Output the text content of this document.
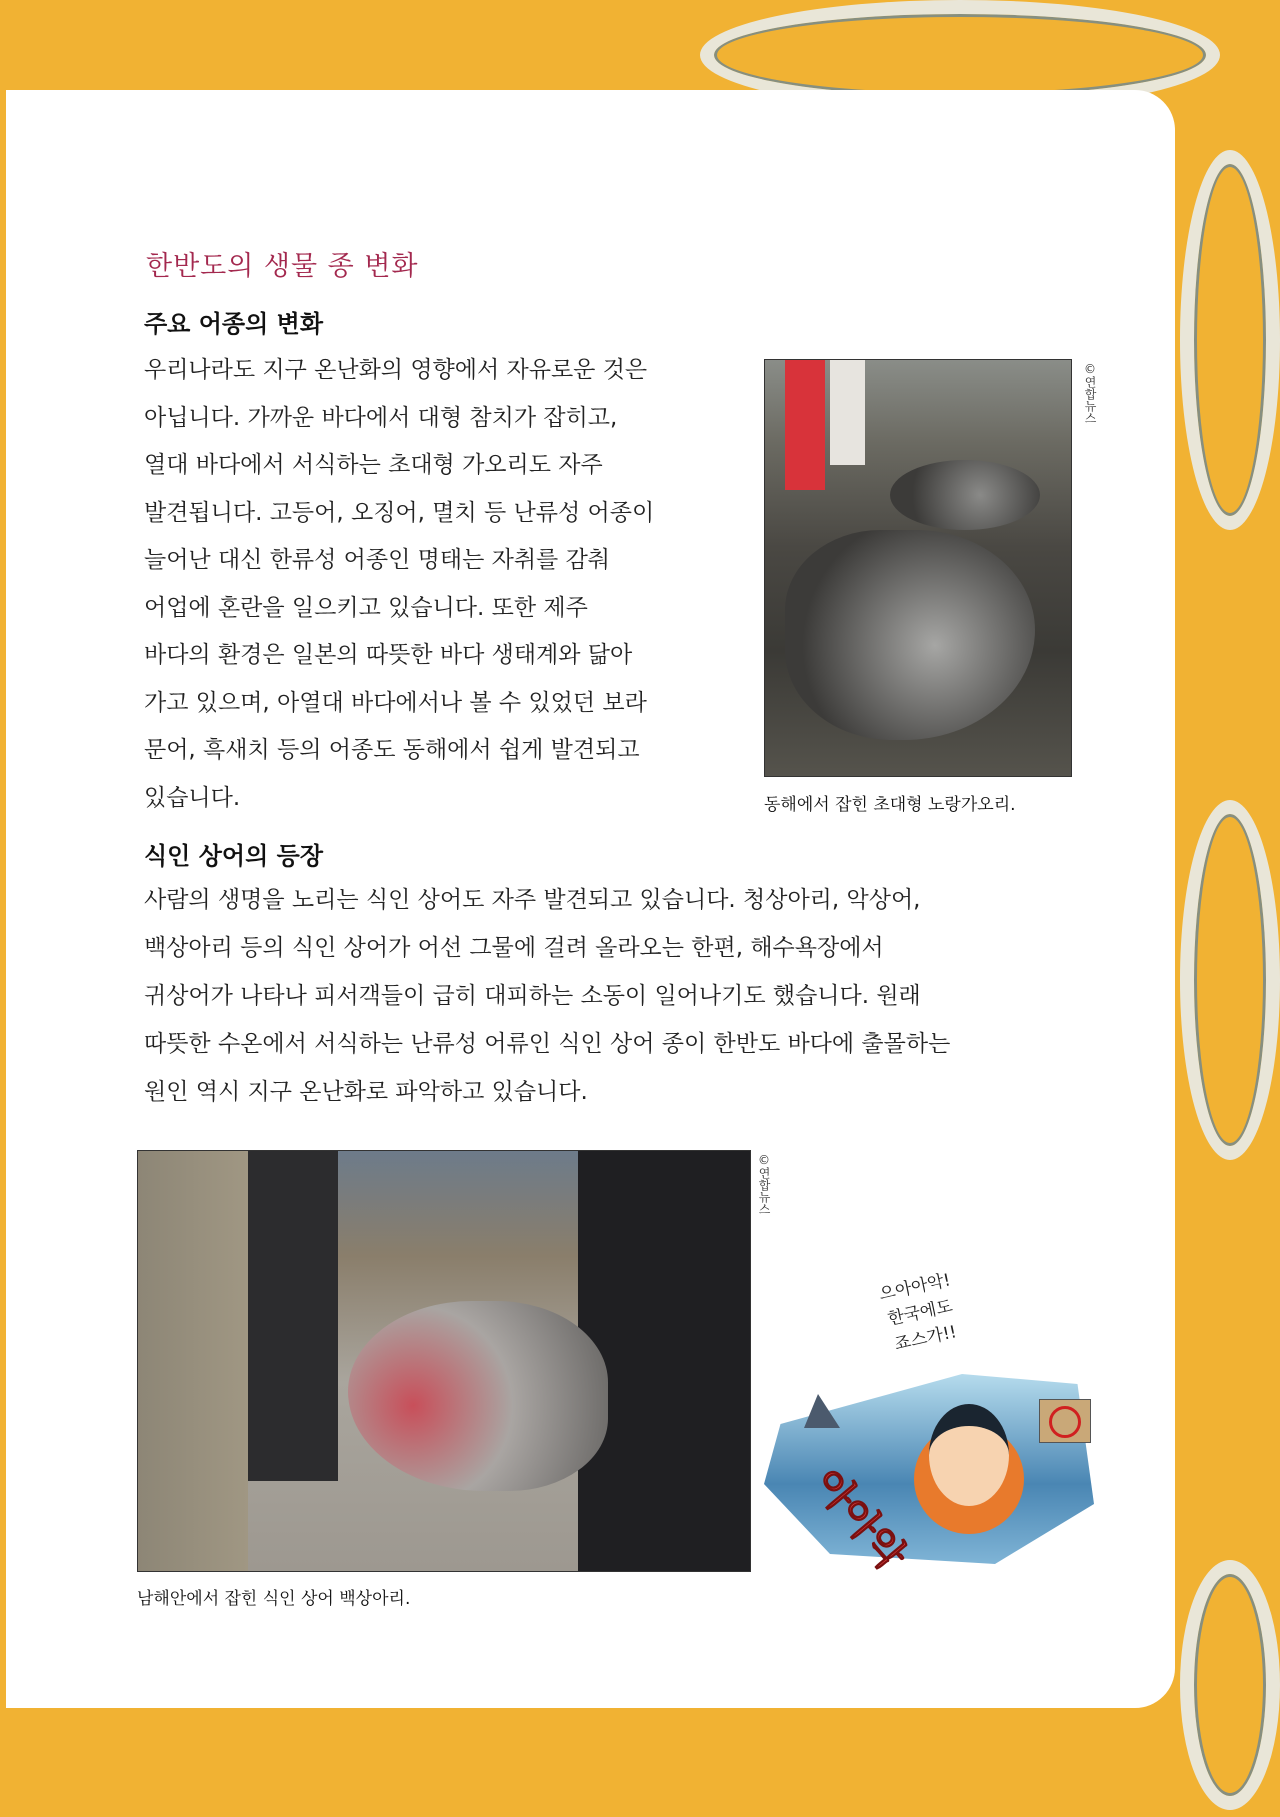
한반도의 생물 종 변화
주요 어종의 변화
우리나라도 지구 온난화의 영향에서 자유로운 것은
아닙니다. 가까운 바다에서 대형 참치가 잡히고,
열대 바다에서 서식하는 초대형 가오리도 자주
발견됩니다. 고등어, 오징어, 멸치 등 난류성 어종이
늘어난 대신 한류성 어종인 명태는 자취를 감춰
어업에 혼란을 일으키고 있습니다. 또한 제주
바다의 환경은 일본의 따뜻한 바다 생태계와 닮아
가고 있으며, 아열대 바다에서나 볼 수 있었던 보라
문어, 흑새치 등의 어종도 동해에서 쉽게 발견되고
있습니다.
©연합뉴스
동해에서 잡힌 초대형 노랑가오리.
식인 상어의 등장
사람의 생명을 노리는 식인 상어도 자주 발견되고 있습니다. 청상아리, 악상어,
백상아리 등의 식인 상어가 어선 그물에 걸려 올라오는 한편, 해수욕장에서
귀상어가 나타나 피서객들이 급히 대피하는 소동이 일어나기도 했습니다. 원래
따뜻한 수온에서 서식하는 난류성 어류인 식인 상어 종이 한반도 바다에 출몰하는
원인 역시 지구 온난화로 파악하고 있습니다.
©연합뉴스
남해안에서 잡힌 식인 상어 백상아리.
으아아악!
한국에도
죠스가!!
아아악
